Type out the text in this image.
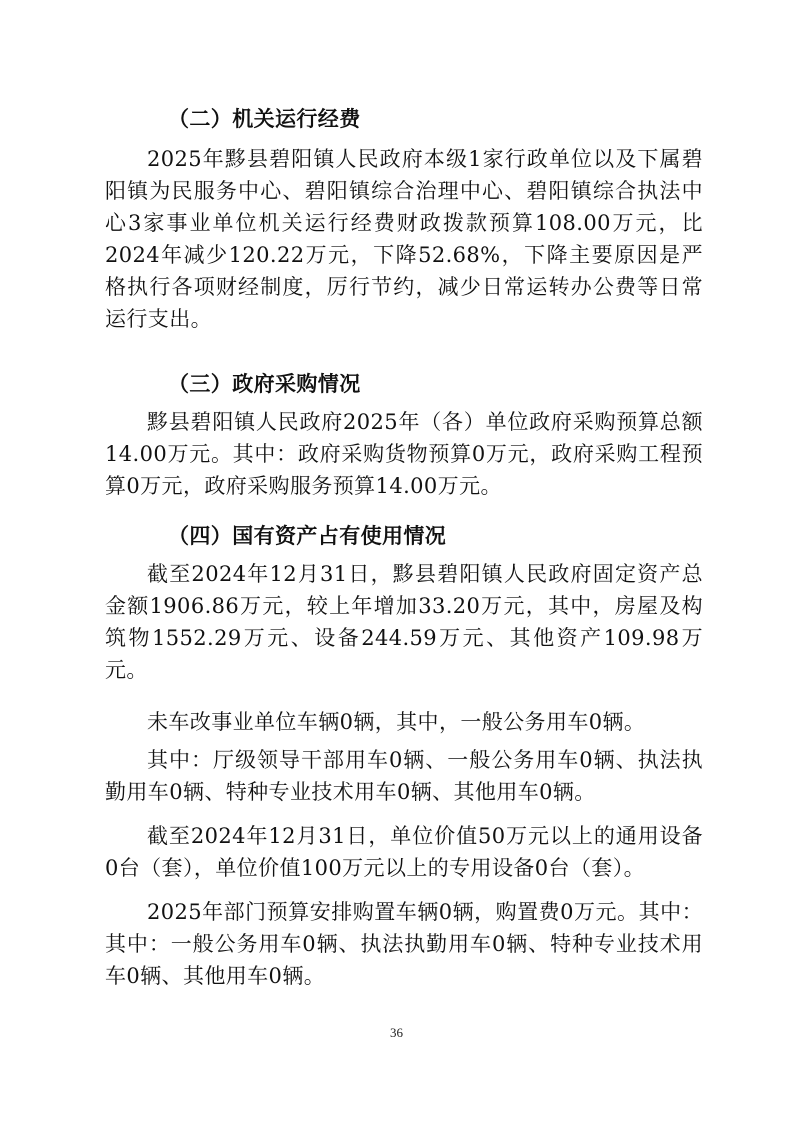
（二）机关运行经费

2025年黟县碧阳镇人民政府本级1家行政单位以及下属碧阳镇为民服务中心、碧阳镇综合治理中心、碧阳镇综合执法中心3家事业单位机关运行经费财政拨款预算108.00万元，比2024年减少120.22万元，下降52.68%，下降主要原因是严格执行各项财经制度，厉行节约，减少日常运转办公费等日常运行支出。

（三）政府采购情况

黟县碧阳镇人民政府2025年（各）单位政府采购预算总额14.00万元。其中：政府采购货物预算0万元，政府采购工程预算0万元，政府采购服务预算14.00万元。

（四）国有资产占有使用情况

截至2024年12月31日，黟县碧阳镇人民政府固定资产总金额1906.86万元，较上年增加33.20万元，其中，房屋及构筑物1552.29万元、设备244.59万元、其他资产109.98万元。

未车改事业单位车辆0辆，其中，一般公务用车0辆。

其中：厅级领导干部用车0辆、一般公务用车0辆、执法执勤用车0辆、特种专业技术用车0辆、其他用车0辆。

截至2024年12月31日，单位价值50万元以上的通用设备0台（套），单位价值100万元以上的专用设备0台（套）。

2025年部门预算安排购置车辆0辆，购置费0万元。其中：其中：一般公务用车0辆、执法执勤用车0辆、特种专业技术用车0辆、其他用车0辆。

36
